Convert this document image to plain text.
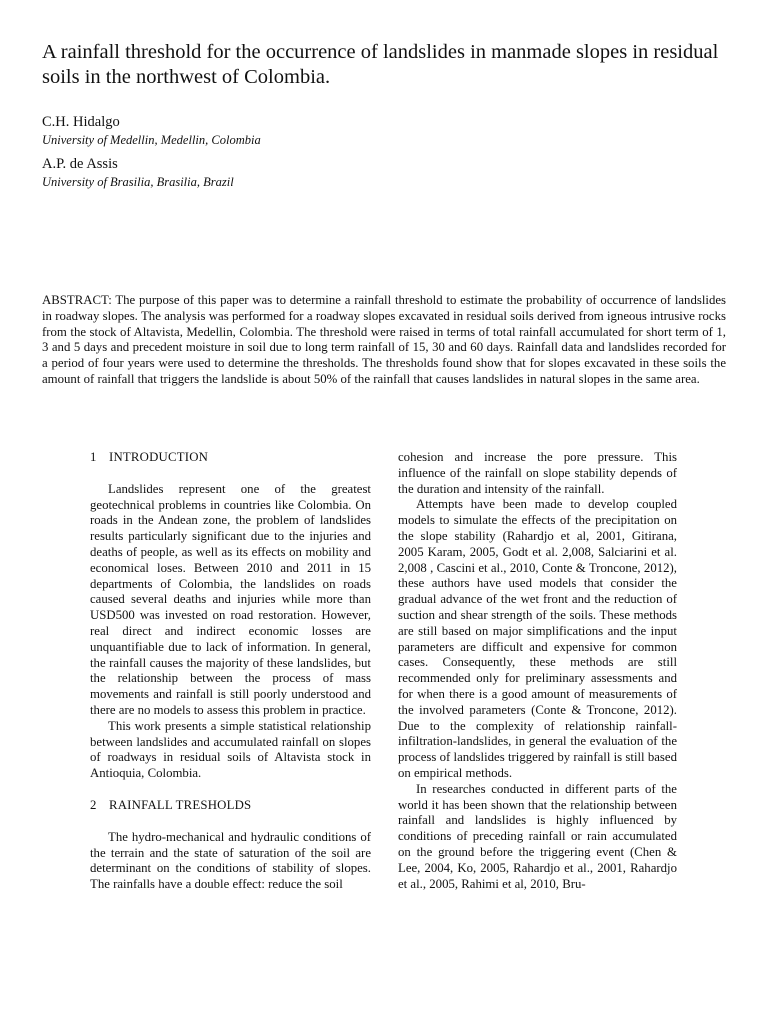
A rainfall threshold for the occurrence of landslides in manmade slopes in residual soils in the northwest of Colombia.
C.H. Hidalgo
University of Medellin, Medellin, Colombia
A.P. de Assis
University of Brasilia, Brasilia, Brazil

ABSTRACT: The purpose of this paper was to determine a rainfall threshold to estimate the probability of occurrence of landslides in roadway slopes. The analysis was performed for a roadway slopes excavated in residual soils derived from igneous intrusive rocks from the stock of Altavista, Medellin, Colombia. The threshold were raised in terms of total rainfall accumulated for short term of 1, 3 and 5 days and precedent moisture in soil due to long term rainfall of 15, 30 and 60 days. Rainfall data and landslides recorded for a period of four years were used to determine the thresholds. The thresholds found show that for slopes excavated in these soils the amount of rainfall that triggers the landslide is about 50% of the rainfall that causes landslides in natural slopes in the same area.

1 INTRODUCTION

Landslides represent one of the greatest geotechnical problems in countries like Colombia. On roads in the Andean zone, the problem of landslides results particularly significant due to the injuries and deaths of people, as well as its effects on mobility and economical loses. Between 2010 and 2011 in 15 departments of Colombia, the landslides on roads caused several deaths and injuries while more than USD500 was invested on road restoration. However, real direct and indirect economic losses are unquantifiable due to lack of information. In general, the rainfall causes the majority of these landslides, but the relationship between the process of mass movements and rainfall is still poorly understood and there are no models to assess this problem in practice.

This work presents a simple statistical relationship between landslides and accumulated rainfall on slopes of roadways in residual soils of Altavista stock in Antioquia, Colombia.

2 RAINFALL TRESHOLDS

The hydro-mechanical and hydraulic conditions of the terrain and the state of saturation of the soil are determinant on the conditions of stability of slopes. The rainfalls have a double effect: reduce the soil

cohesion and increase the pore pressure. This influence of the rainfall on slope stability depends of the duration and intensity of the rainfall.

Attempts have been made to develop coupled models to simulate the effects of the precipitation on the slope stability (Rahardjo et al, 2001, Gitirana, 2005 Karam, 2005, Godt et al. 2,008, Salciarini et al. 2,008 , Cascini et al., 2010, Conte & Troncone, 2012), these authors have used models that consider the gradual advance of the wet front and the reduction of suction and shear strength of the soils. These methods are still based on major simplifications and the input parameters are difficult and expensive for common cases. Consequently, these methods are still recommended only for preliminary assessments and for when there is a good amount of measurements of the involved parameters (Conte & Troncone, 2012). Due to the complexity of relationship rainfall-infiltration-landslides, in general the evaluation of the process of landslides triggered by rainfall is still based on empirical methods.

In researches conducted in different parts of the world it has been shown that the relationship between rainfall and landslides is highly influenced by conditions of preceding rainfall or rain accumulated on the ground before the triggering event (Chen & Lee, 2004, Ko, 2005, Rahardjo et al., 2001, Rahardjo et al., 2005, Rahimi et al, 2010, Bru-
